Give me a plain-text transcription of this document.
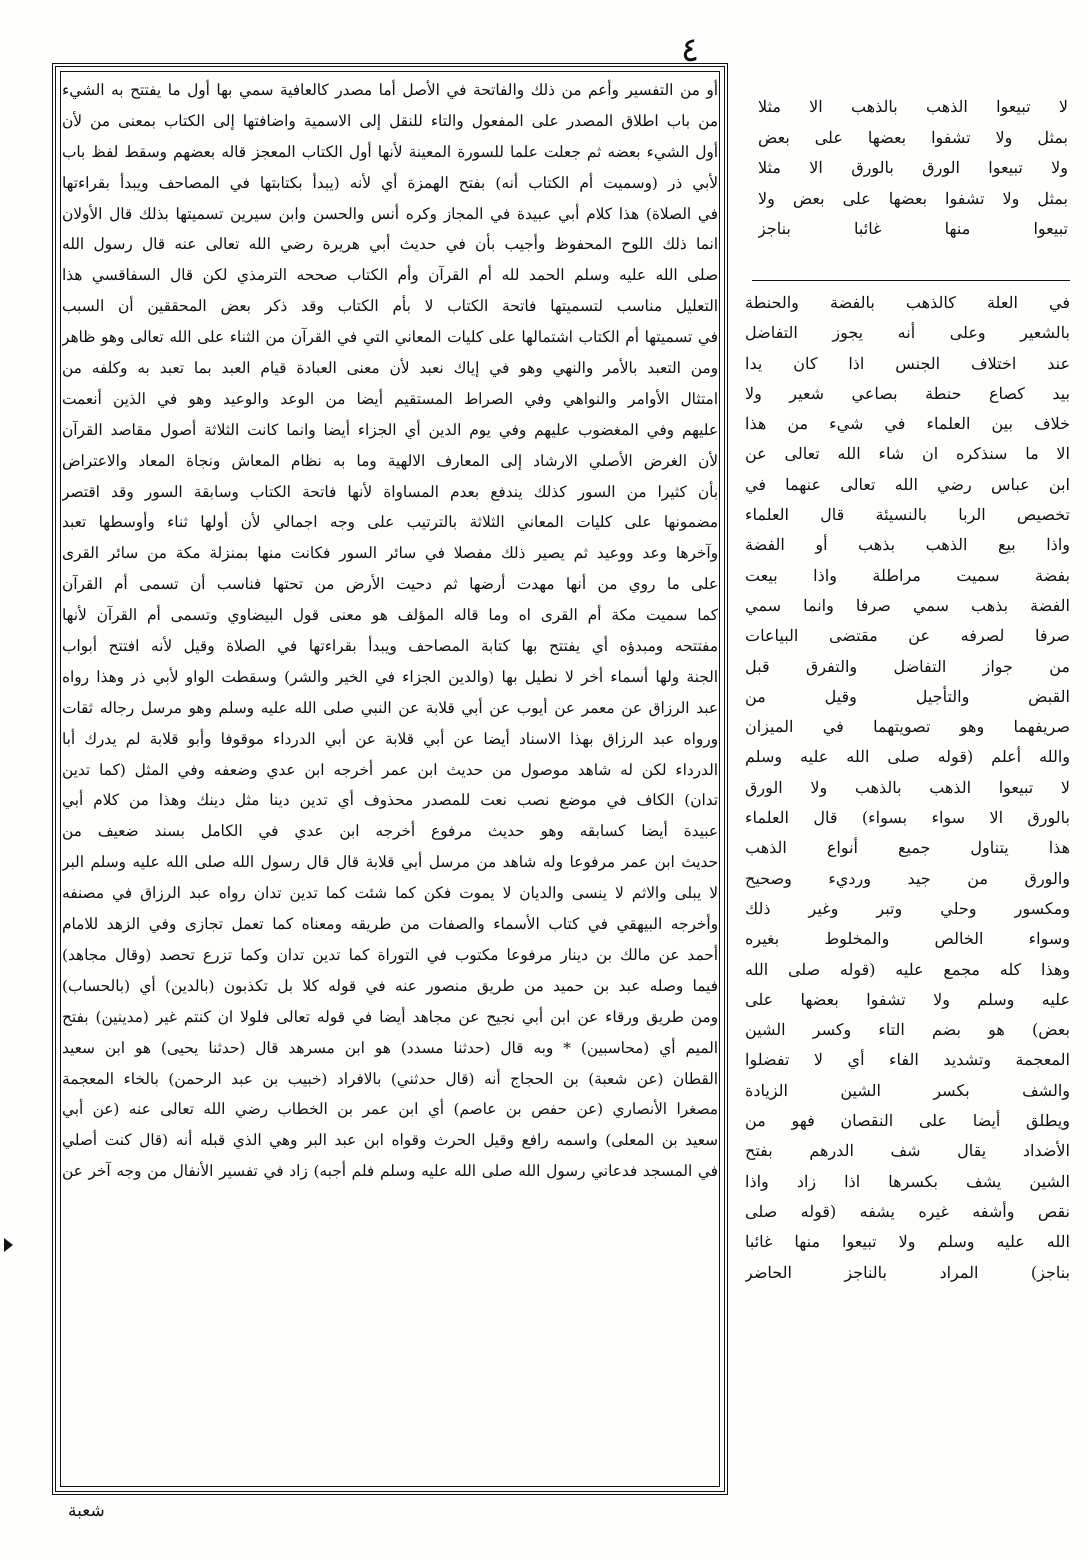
٤
أو من التفسير وأعم من ذلك والفاتحة في الأصل أما مصدر كالعافية سمي بها أول ما يفتتح به الشيء
من باب اطلاق المصدر على المفعول والتاء للنقل إلى الاسمية واضافتها إلى الكتاب بمعنى من لأن
أول الشيء بعضه ثم جعلت علما للسورة المعينة لأنها أول الكتاب المعجز قاله بعضهم وسقط لفظ باب
لأبي ذر (وسميت أم الكتاب أنه) بفتح الهمزة أي لأنه (يبدأ بكتابتها في المصاحف ويبدأ بقراءتها
في الصلاة) هذا كلام أبي عبيدة في المجاز وكره أنس والحسن وابن سيرين تسميتها بذلك قال الأولان
انما ذلك اللوح المحفوظ وأجيب بأن في حديث أبي هريرة رضي الله تعالى عنه قال رسول الله
صلى الله عليه وسلم الحمد لله أم القرآن وأم الكتاب صححه الترمذي لكن قال السفاقسي هذا
التعليل مناسب لتسميتها فاتحة الكتاب لا بأم الكتاب وقد ذكر بعض المحققين أن السبب
في تسميتها أم الكتاب اشتمالها على كليات المعاني التي في القرآن من الثناء على الله تعالى وهو ظاهر
ومن التعبد بالأمر والنهي وهو في إياك نعبد لأن معنى العبادة قيام العبد بما تعبد به وكلفه من
امتثال الأوامر والنواهي وفي الصراط المستقيم أيضا من الوعد والوعيد وهو في الذين أنعمت
عليهم وفي المغضوب عليهم وفي يوم الدين أي الجزاء أيضا وانما كانت الثلاثة أصول مقاصد القرآن
لأن الغرض الأصلي الارشاد إلى المعارف الالهية وما به نظام المعاش ونجاة المعاد والاعتراض
بأن كثيرا من السور كذلك يندفع بعدم المساواة لأنها فاتحة الكتاب وسابقة السور وقد اقتصر
مضمونها على كليات المعاني الثلاثة بالترتيب على وجه اجمالي لأن أولها ثناء وأوسطها تعبد
وآخرها وعد ووعيد ثم يصير ذلك مفصلا في سائر السور فكانت منها بمنزلة مكة من سائر القرى
على ما روي من أنها مهدت أرضها ثم دحيت الأرض من تحتها فناسب أن تسمى أم القرآن
كما سميت مكة أم القرى اه وما قاله المؤلف هو معنى قول البيضاوي وتسمى أم القرآن لأنها
مفتتحه ومبدؤه أي يفتتح بها كتابة المصاحف ويبدأ بقراءتها في الصلاة وقيل لأنه افتتح أبواب
الجنة ولها أسماء أخر لا نطيل بها (والدين الجزاء في الخير والشر) وسقطت الواو لأبي ذر وهذا رواه
عبد الرزاق عن معمر عن أيوب عن أبي قلابة عن النبي صلى الله عليه وسلم وهو مرسل رجاله ثقات
ورواه عبد الرزاق بهذا الاسناد أيضا عن أبي قلابة عن أبي الدرداء موقوفا وأبو قلابة لم يدرك أبا
الدرداء لكن له شاهد موصول من حديث ابن عمر أخرجه ابن عدي وضعفه وفي المثل (كما تدين
تدان) الكاف في موضع نصب نعت للمصدر محذوف أي تدين دينا مثل دينك وهذا من كلام أبي
عبيدة أيضا كسابقه وهو حديث مرفوع أخرجه ابن عدي في الكامل بسند ضعيف من
حديث ابن عمر مرفوعا وله شاهد من مرسل أبي قلابة قال قال رسول الله صلى الله عليه وسلم البر
لا يبلى والاثم لا ينسى والديان لا يموت فكن كما شئت كما تدين تدان رواه عبد الرزاق في مصنفه
وأخرجه البيهقي في كتاب الأسماء والصفات من طريقه ومعناه كما تعمل تجازى وفي الزهد للامام
أحمد عن مالك بن دينار مرفوعا مكتوب في التوراة كما تدين تدان وكما تزرع تحصد (وقال مجاهد)
فيما وصله عبد بن حميد من طريق منصور عنه في قوله كلا بل تكذبون (بالدين) أي (بالحساب)
ومن طريق ورقاء عن ابن أبي نجيح عن مجاهد أيضا في قوله تعالى فلولا ان كنتم غير (مدينين) بفتح
الميم أي (محاسبين) * وبه قال (حدثنا مسدد) هو ابن مسرهد قال (حدثنا يحيى) هو ابن سعيد
القطان (عن شعبة) بن الحجاج أنه (قال حدثني) بالافراد (خبيب بن عبد الرحمن) بالخاء المعجمة
مصغرا الأنصاري (عن حفص بن عاصم) أي ابن عمر بن الخطاب رضي الله تعالى عنه (عن أبي
سعيد بن المعلى) واسمه رافع وقيل الحرث وقواه ابن عبد البر وهي الذي قبله أنه (قال كنت أصلي
في المسجد فدعاني رسول الله صلى الله عليه وسلم فلم أجبه) زاد في تفسير الأنفال من وجه آخر عن
لا تبيعوا الذهب بالذهب الا مثلا
بمثل ولا تشفوا بعضها على بعض
ولا تبيعوا الورق بالورق الا مثلا
بمثل ولا تشفوا بعضها على بعض ولا
تبيعوا منها غائبا بناجز
في العلة كالذهب بالفضة والحنطة
بالشعير وعلى أنه يجوز التفاضل
عند اختلاف الجنس اذا كان يدا
بيد كصاع حنطة بصاعي شعير ولا
خلاف بين العلماء في شيء من هذا
الا ما سنذكره ان شاء الله تعالى عن
ابن عباس رضي الله تعالى عنهما في
تخصيص الربا بالنسيئة قال العلماء
واذا بيع الذهب بذهب أو الفضة
بفضة سميت مراطلة واذا بيعت
الفضة بذهب سمي صرفا وانما سمي
صرفا لصرفه عن مقتضى البياعات
من جواز التفاضل والتفرق قبل
القبض والتأجيل وقيل من
صريفهما وهو تصويتهما في الميزان
والله أعلم (قوله صلى الله عليه وسلم
لا تبيعوا الذهب بالذهب ولا الورق
بالورق الا سواء بسواء) قال العلماء
هذا يتناول جميع أنواع الذهب
والورق من جيد ورديء وصحيح
ومكسور وحلي وتبر وغير ذلك
وسواء الخالص والمخلوط بغيره
وهذا كله مجمع عليه (قوله صلى الله
عليه وسلم ولا تشفوا بعضها على
بعض) هو بضم التاء وكسر الشين
المعجمة وتشديد الفاء أي لا تفضلوا
والشف بكسر الشين الزيادة
ويطلق أيضا على النقصان فهو من
الأضداد يقال شف الدرهم بفتح
الشين يشف بكسرها اذا زاد واذا
نقص وأشفه غيره يشفه (قوله صلى
الله عليه وسلم ولا تبيعوا منها غائبا
بناجز) المراد بالناجز الحاضر
شعبة
